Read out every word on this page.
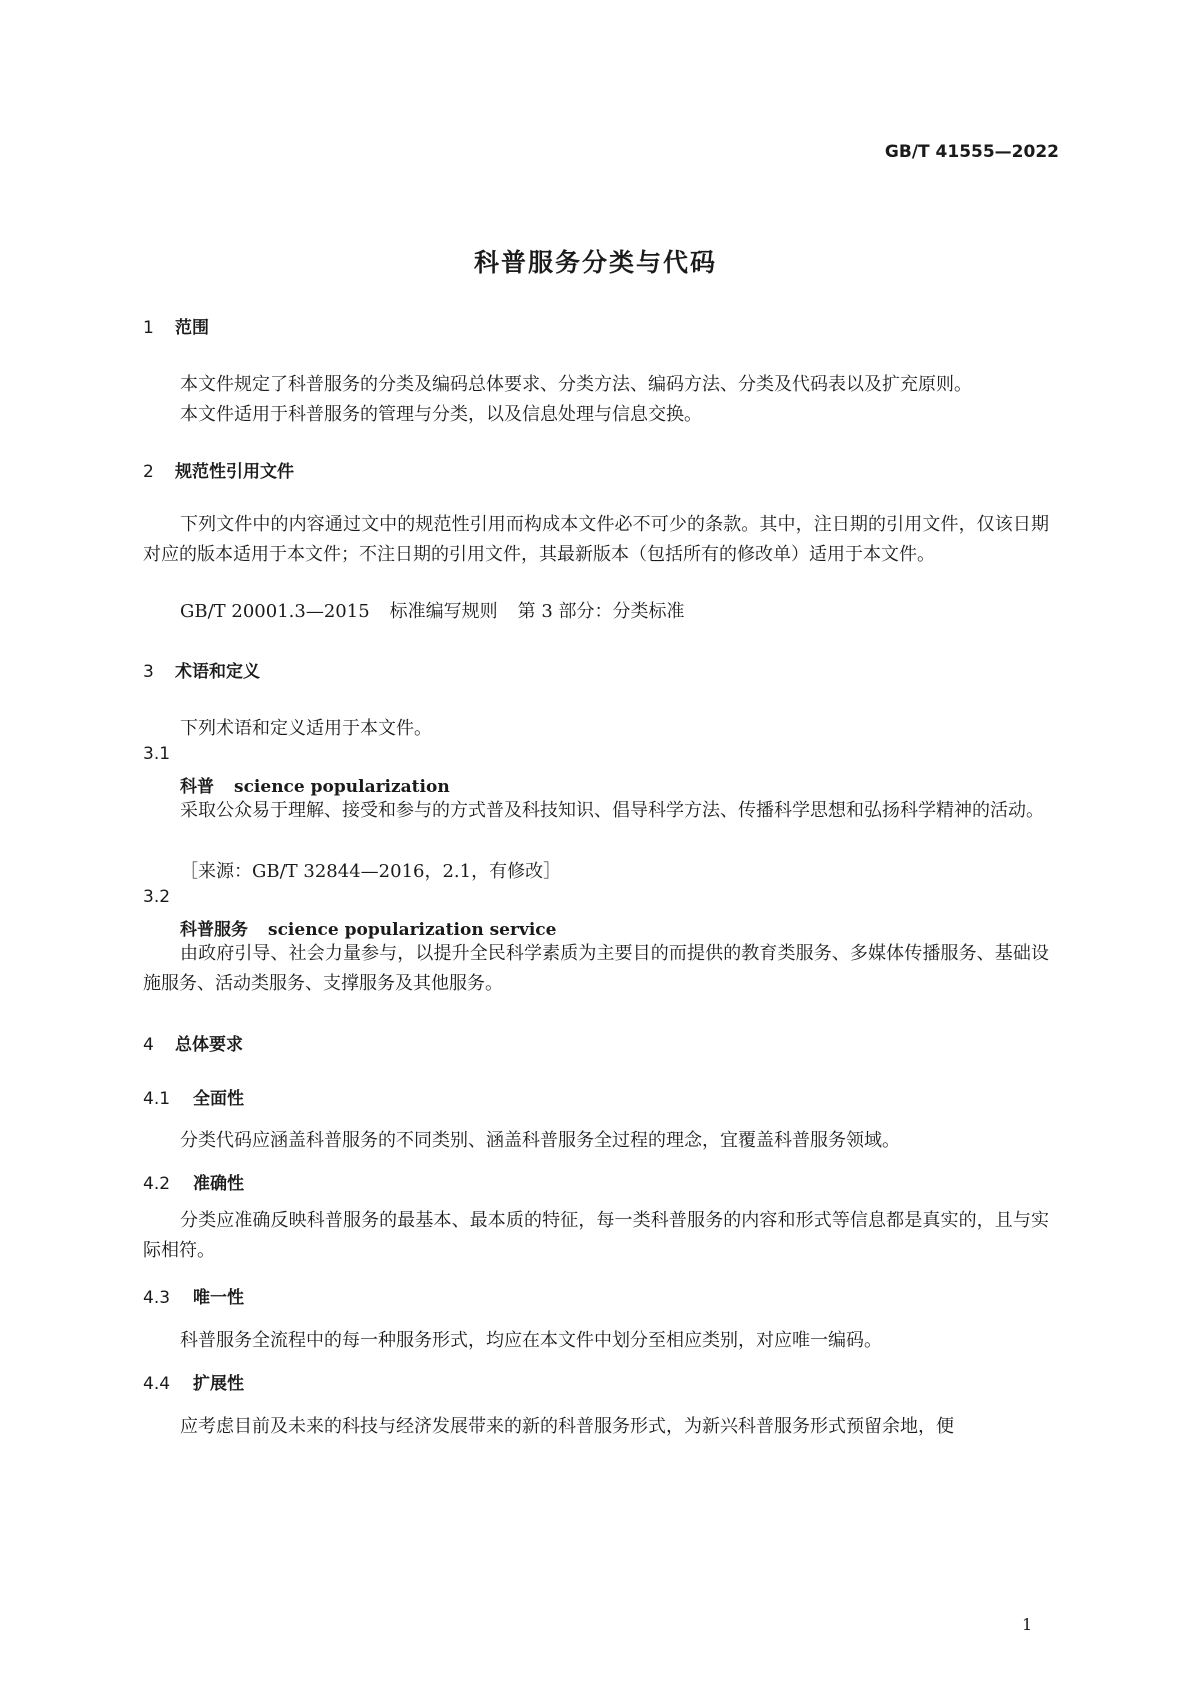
GB/T 41555—2022
科普服务分类与代码
1 范围
本文件规定了科普服务的分类及编码总体要求、分类方法、编码方法、分类及代码表以及扩充原则。
本文件适用于科普服务的管理与分类，以及信息处理与信息交换。
2 规范性引用文件
下列文件中的内容通过文中的规范性引用而构成本文件必不可少的条款。其中，注日期的引用文件，仅该日期对应的版本适用于本文件；不注日期的引用文件，其最新版本（包括所有的修改单）适用于本文件。
GB/T 20001.3—2015 标准编写规则 第 3 部分：分类标准
3 术语和定义
下列术语和定义适用于本文件。
3.1
科普 science popularization
采取公众易于理解、接受和参与的方式普及科技知识、倡导科学方法、传播科学思想和弘扬科学精神的活动。
［来源：GB/T 32844—2016，2.1，有修改］
3.2
科普服务 science popularization service
由政府引导、社会力量参与，以提升全民科学素质为主要目的而提供的教育类服务、多媒体传播服务、基础设施服务、活动类服务、支撑服务及其他服务。
4 总体要求
4.1 全面性
分类代码应涵盖科普服务的不同类别、涵盖科普服务全过程的理念，宜覆盖科普服务领域。
4.2 准确性
分类应准确反映科普服务的最基本、最本质的特征，每一类科普服务的内容和形式等信息都是真实的，且与实际相符。
4.3 唯一性
科普服务全流程中的每一种服务形式，均应在本文件中划分至相应类别，对应唯一编码。
4.4 扩展性
应考虑目前及未来的科技与经济发展带来的新的科普服务形式，为新兴科普服务形式预留余地，便
1
